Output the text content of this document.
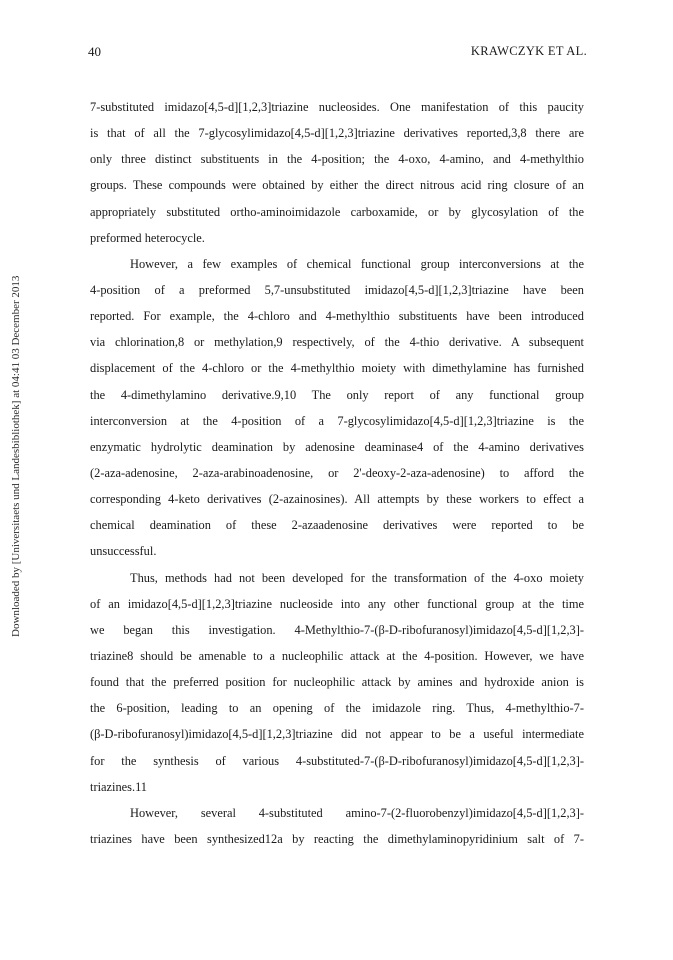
40	KRAWCZYK ET AL.
Downloaded by [Universitaets und Landesbibliothek] at 04:41 03 December 2013
7-substituted imidazo[4,5-d][1,2,3]triazine nucleosides. One manifestation of this paucity
is that of all the 7-glycosylimidazo[4,5-d][1,2,3]triazine derivatives reported,3,8 there are
only three distinct substituents in the 4-position; the 4-oxo, 4-amino, and 4-methylthio
groups. These compounds were obtained by either the direct nitrous acid ring closure of an
appropriately substituted ortho-aminoimidazole carboxamide, or by glycosylation of the
preformed heterocycle.
However, a few examples of chemical functional group interconversions at the
4-position of a preformed 5,7-unsubstituted imidazo[4,5-d][1,2,3]triazine have been
reported. For example, the 4-chloro and 4-methylthio substituents have been introduced
via chlorination,8 or methylation,9 respectively, of the 4-thio derivative. A subsequent
displacement of the 4-chloro or the 4-methylthio moiety with dimethylamine has furnished
the 4-dimethylamino derivative.9,10 The only report of any functional group
interconversion at the 4-position of a 7-glycosylimidazo[4,5-d][1,2,3]triazine is the
enzymatic hydrolytic deamination by adenosine deaminase4 of the 4-amino derivatives
(2-aza-adenosine, 2-aza-arabinoadenosine, or 2'-deoxy-2-aza-adenosine) to afford the
corresponding 4-keto derivatives (2-azainosines). All attempts by these workers to effect a
chemical deamination of these 2-azaadenosine derivatives were reported to be
unsuccessful.
Thus, methods had not been developed for the transformation of the 4-oxo moiety
of an imidazo[4,5-d][1,2,3]triazine nucleoside into any other functional group at the time
we began this investigation. 4-Methylthio-7-(β-D-ribofuranosyl)imidazo[4,5-d][1,2,3]-
triazine8 should be amenable to a nucleophilic attack at the 4-position. However, we have
found that the preferred position for nucleophilic attack by amines and hydroxide anion is
the 6-position, leading to an opening of the imidazole ring. Thus, 4-methylthio-7-
(β-D-ribofuranosyl)imidazo[4,5-d][1,2,3]triazine did not appear to be a useful intermediate
for the synthesis of various 4-substituted-7-(β-D-ribofuranosyl)imidazo[4,5-d][1,2,3]-
triazines.11
However, several 4-substituted amino-7-(2-fluorobenzyl)imidazo[4,5-d][1,2,3]-
triazines have been synthesized12a by reacting the dimethylaminopyridinium salt of 7-
